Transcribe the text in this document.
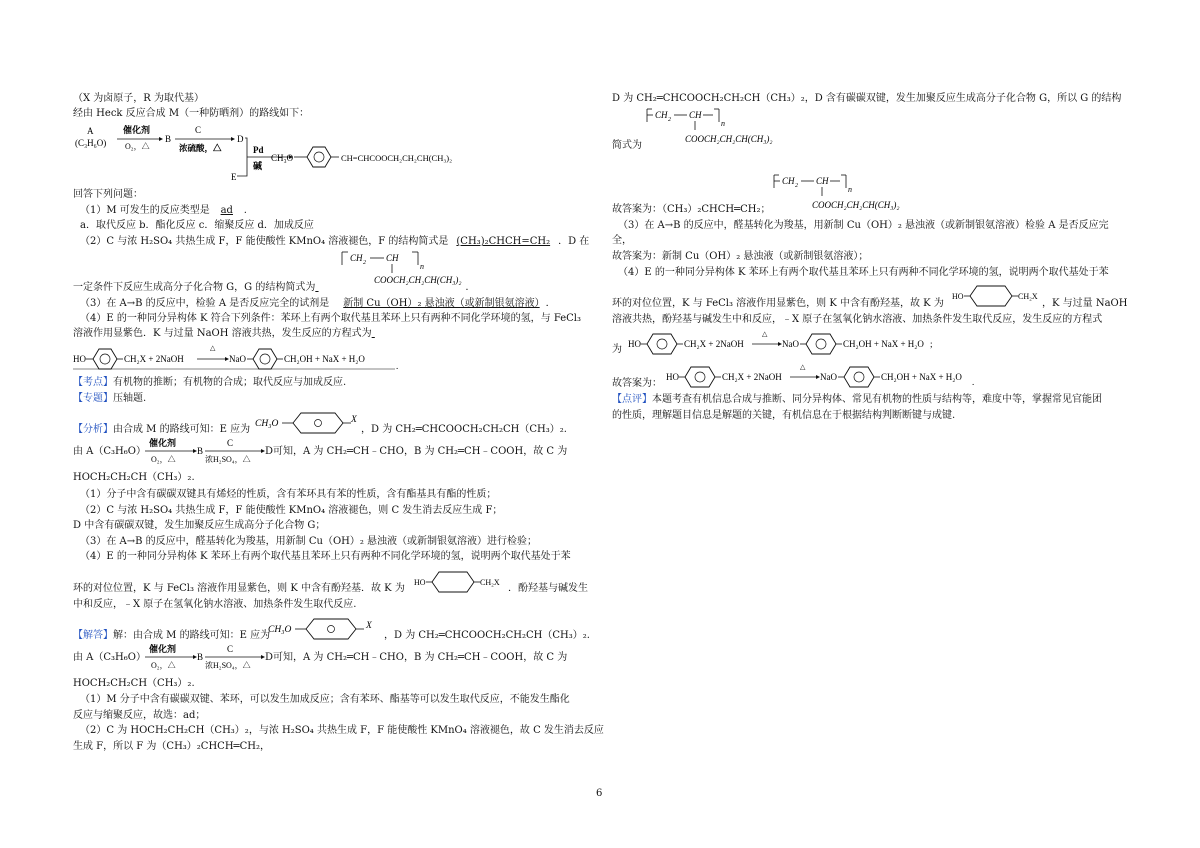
（X 为卤原子，R 为取代基）
经由 Heck 反应合成 M（一种防晒剂）的路线如下：
A
(C₃H₆O)
催化剂
O₂，△
B
C
浓硫酸，△
D
E
Pd
碱
CH₃O	CH=CHCOOCH₂CH₂CH(CH₃)₂
回答下列问题：
（1）M 可发生的反应类型是 ad .
a．取代反应 b．酯化反应 c．缩聚反应 d．加成反应
（2）C 与浓 H₂SO₄ 共热生成 F，F 能使酸性 KMnO₄ 溶液褪色，F 的结构简式是 (CH₃)₂CHCH=CH₂ ．D 在
CH 2 CH
n
COOCH₂CH₂CH(CH₃)₂
一定条件下反应生成高分子化合物 G，G 的结构简式为	.
（3）在 A→B 的反应中，检验 A 是否反应完全的试剂是 新制 Cu（OH）₂ 悬浊液（或新制银氨溶液） ．
（4）E 的一种同分异构体 K 符合下列条件：苯环上有两个取代基且苯环上只有两种不同化学环境的氢，与 FeCl₃
溶液作用显紫色．K 与过量 NaOH 溶液共热，发生反应的方程式为
HO	CH₂X + 2NaOH
△
NaO	CH₂OH + NaX + H₂O
.
【考点】有机物的推断；有机物的合成；取代反应与加成反应.
【专题】压轴题.
【分析】由合成 M 的路线可知：E 应为 CH₃O	X
，D 为 CH₂═CHCOOCH₂CH₂CH（CH₃）₂.
由 A（C₃H₆O）
催化剂
O₂，△
B
C
浓H₂SO₄，△
D可知，A 为 CH₂═CH﹣CHO，B 为 CH₂═CH﹣COOH，故 C 为
HOCH₂CH₂CH（CH₃）₂.
（1）分子中含有碳碳双键具有烯烃的性质，含有苯环具有苯的性质，含有酯基具有酯的性质；
（2）C 与浓 H₂SO₄ 共热生成 F，F 能使酸性 KMnO₄ 溶液褪色，则 C 发生消去反应生成 F；
D 中含有碳碳双键，发生加聚反应生成高分子化合物 G；
（3）在 A→B 的反应中，醛基转化为羧基，用新制 Cu（OH）₂ 悬浊液（或新制银氨溶液）进行检验；
（4）E 的一种同分异构体 K 苯环上有两个取代基且苯环上只有两种不同化学环境的氢，说明两个取代基处于苯
环的对位位置，K 与 FeCl₃ 溶液作用显紫色，则 K 中含有酚羟基．故 K 为
HO	CH₂X
．酚羟基与碱发生
中和反应，﹣X 原子在氢氧化钠水溶液、加热条件发生取代反应.
【解答】解：由合成 M 的路线可知：E 应为
CH₃O	X
，D 为 CH₂═CHCOOCH₂CH₂CH（CH₃）₂.
由 A（C₃H₆O）
催化剂
O₂，△
B
C
浓H₂SO₄，△
D可知，A 为 CH₂═CH﹣CHO，B 为 CH₂═CH﹣COOH，故 C 为
HOCH₂CH₂CH（CH₃）₂.
（1）M 分子中含有碳碳双键、苯环，可以发生加成反应；含有苯环、酯基等可以发生取代反应，不能发生酯化
反应与缩聚反应，故选：ad；
（2）C 为 HOCH₂CH₂CH（CH₃）₂，与浓 H₂SO₄ 共热生成 F，F 能使酸性 KMnO₄ 溶液褪色，故 C 发生消去反应
生成 F，所以 F 为（CH₃）₂CHCH═CH₂，
D 为 CH₂═CHCOOCH₂CH₂CH（CH₃）₂，D 含有碳碳双键，发生加聚反应生成高分子化合物 G，所以 G 的结构
CH 2 CH
n
COOCH₂CH₂CH(CH₃)₂
简式为
CH 2 CH
n
COOCH₂CH₂CH(CH₃)₂
故答案为：（CH₃）₂CHCH═CH₂；
（3）在 A→B 的反应中，醛基转化为羧基，用新制 Cu（OH）₂ 悬浊液（或新制银氨溶液）检验 A 是否反应完
全，
故答案为：新制 Cu（OH）₂ 悬浊液（或新制银氨溶液）；
（4）E 的一种同分异构体 K 苯环上有两个取代基且苯环上只有两种不同化学环境的氢，说明两个取代基处于苯
环的对位位置，K 与 FeCl₃ 溶液作用显紫色，则 K 中含有酚羟基，故 K 为
HO	CH₂X
，K 与过量 NaOH
溶液共热，酚羟基与碱发生中和反应，﹣X 原子在氢氧化钠水溶液、加热条件发生取代反应，发生反应的方程式
为 HO	CH₂X + 2NaOH
△
NaO	CH₂OH + NaX + H₂O ;
故答案为：
HO	CH₂X + 2NaOH
△
NaO	CH₂OH + NaX + H₂O .
【点评】本题考查有机信息合成与推断、同分异构体、常见有机物的性质与结构等，难度中等，掌握常见官能团
的性质，理解题目信息是解题的关键，有机信息在于根据结构判断断键与成键.
6
